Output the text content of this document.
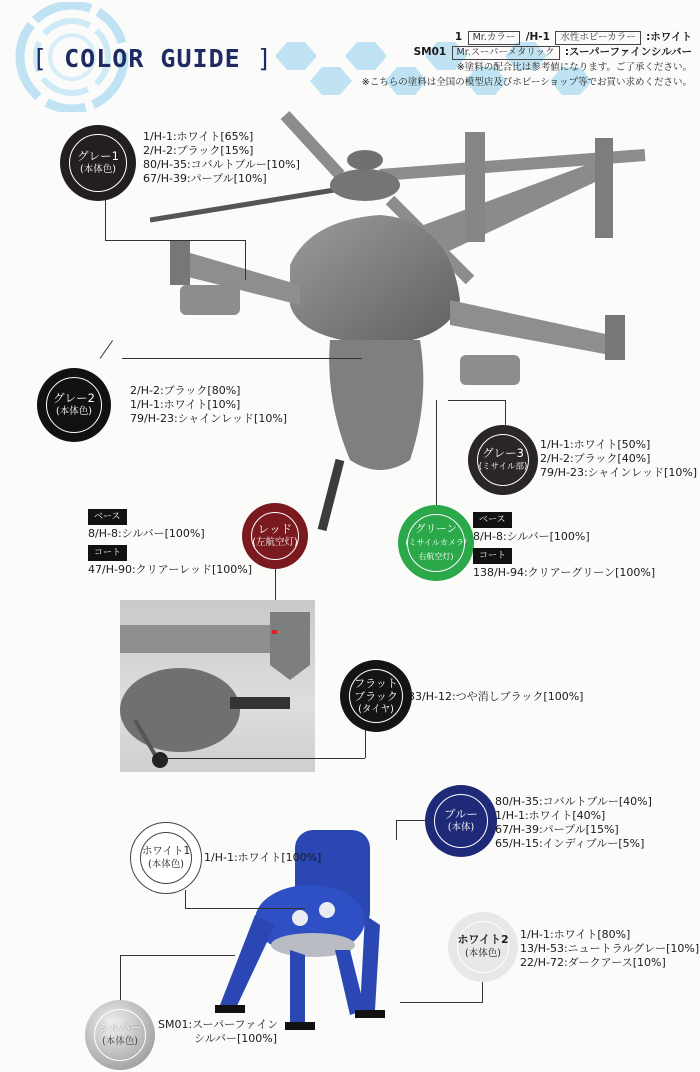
[ COLOR GUIDE ]
1 Mr.カラー /H-1 水性ホビーカラー :ホワイト
SM01 Mr.スーパーメタリック :スーパーファインシルバー
※塗料の配合比は参考値になります。ご了承ください。
※こちらの塗料は全国の模型店及びホビーショップ等でお買い求めください。
グレー1
(本体色)
1/H-1:ホワイト[65%]
2/H-2:ブラック[15%]
80/H-35:コバルトブルー[10%]
67/H-39:パープル[10%]
グレー2
(本体色)
2/H-2:ブラック[80%]
1/H-1:ホワイト[10%]
79/H-23:シャインレッド[10%]
グレー3
(ミサイル部)
1/H-1:ホワイト[50%]
2/H-2:ブラック[40%]
79/H-23:シャインレッド[10%]
ベース
8/H-8:シルバー[100%]
コート
47/H-90:クリアーレッド[100%]
レッド
(左航空灯)
グリーン
(ミサイルカメラ/右航空灯)
ベース
8/H-8:シルバー[100%]
コート
138/H-94:クリアーグリーン[100%]
フラット
ブラック
(タイヤ)
33/H-12:つや消しブラック[100%]
ブルー
(本体)
80/H-35:コバルトブルー[40%]
1/H-1:ホワイト[40%]
67/H-39:パープル[15%]
65/H-15:インディブルー[5%]
ホワイト1
(本体色)
1/H-1:ホワイト[100%]
ホワイト2
(本体色)
1/H-1:ホワイト[80%]
13/H-53:ニュートラルグレー[10%]
22/H-72:ダークアース[10%]
シルバー
(本体色)
SM01:スーパーファイン
シルバー[100%]
